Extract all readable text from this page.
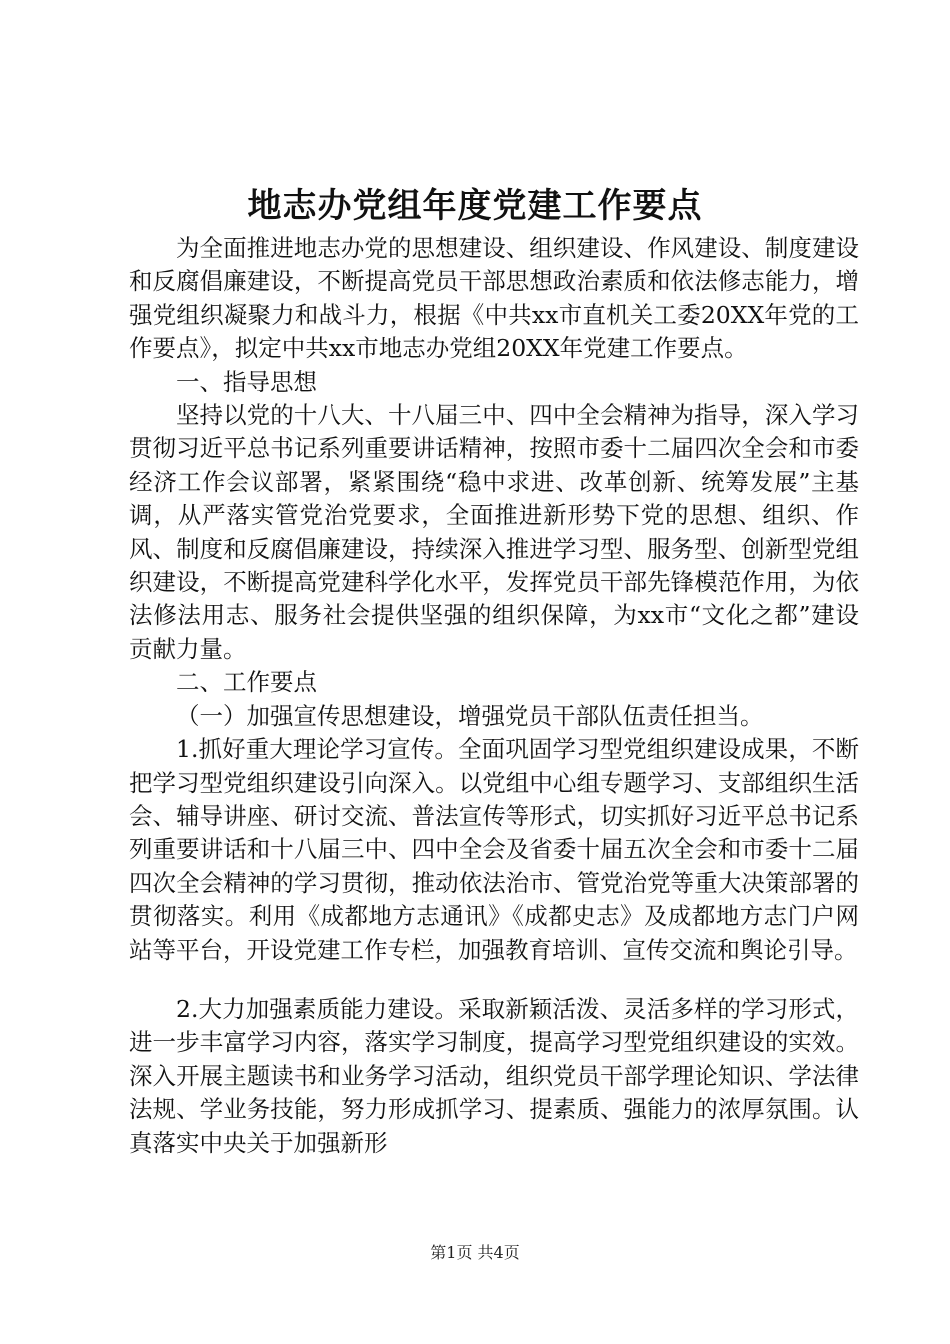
地志办党组年度党建工作要点

为全面推进地志办党的思想建设、组织建设、作风建设、制度建设和反腐倡廉建设，不断提高党员干部思想政治素质和依法修志能力，增强党组织凝聚力和战斗力，根据《中共xx市直机关工委20XX年党的工作要点》，拟定中共xx市地志办党组20XX年党建工作要点。

一、指导思想

坚持以党的十八大、十八届三中、四中全会精神为指导，深入学习贯彻习近平总书记系列重要讲话精神，按照市委十二届四次全会和市委经济工作会议部署，紧紧围绕“稳中求进、改革创新、统筹发展”主基调，从严落实管党治党要求，全面推进新形势下党的思想、组织、作风、制度和反腐倡廉建设，持续深入推进学习型、服务型、创新型党组织建设，不断提高党建科学化水平，发挥党员干部先锋模范作用，为依法修法用志、服务社会提供坚强的组织保障，为xx市“文化之都”建设贡献力量。

二、工作要点

（一）加强宣传思想建设，增强党员干部队伍责任担当。

1.抓好重大理论学习宣传。全面巩固学习型党组织建设成果，不断把学习型党组织建设引向深入。以党组中心组专题学习、支部组织生活会、辅导讲座、研讨交流、普法宣传等形式，切实抓好习近平总书记系列重要讲话和十八届三中、四中全会及省委十届五次全会和市委十二届四次全会精神的学习贯彻，推动依法治市、管党治党等重大决策部署的贯彻落实。利用《成都地方志通讯》《成都史志》及成都地方志门户网站等平台，开设党建工作专栏，加强教育培训、宣传交流和舆论引导。

2.大力加强素质能力建设。采取新颖活泼、灵活多样的学习形式，进一步丰富学习内容，落实学习制度，提高学习型党组织建设的实效。深入开展主题读书和业务学习活动，组织党员干部学理论知识、学法律法规、学业务技能，努力形成抓学习、提素质、强能力的浓厚氛围。认真落实中央关于加强新形

第1页 共4页
